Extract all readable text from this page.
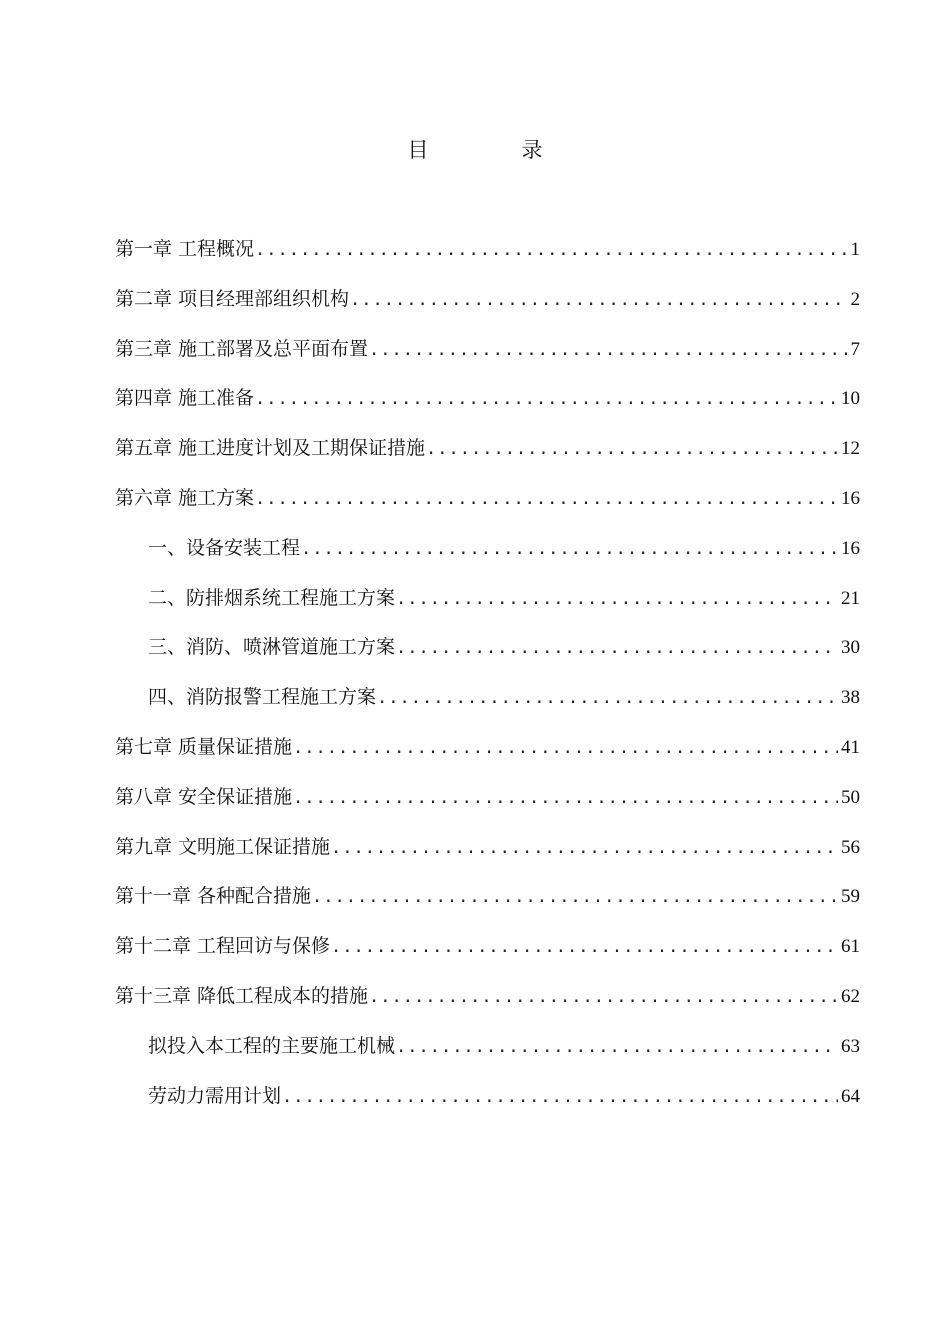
目　录
第一章 工程概况 .....	1
第二章 项目经理部组织机构 .....	2
第三章 施工部署及总平面布置 .....	7
第四章 施工准备 .....	10
第五章 施工进度计划及工期保证措施 .....	12
第六章 施工方案 .....	16
一、设备安装工程 .....	16
二、防排烟系统工程施工方案 .....	21
三、消防、喷淋管道施工方案 .....	30
四、消防报警工程施工方案 .....	38
第七章 质量保证措施 .....	41
第八章 安全保证措施 .....	50
第九章 文明施工保证措施 .....	56
第十一章 各种配合措施 .....	59
第十二章 工程回访与保修 .....	61
第十三章 降低工程成本的措施 .....	62
拟投入本工程的主要施工机械 .....	63
劳动力需用计划 .....	64
